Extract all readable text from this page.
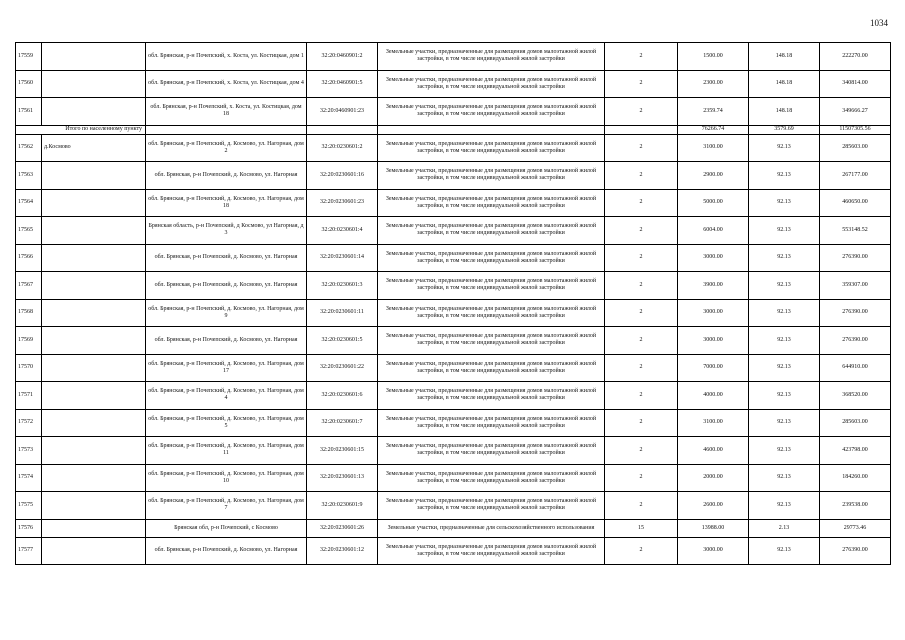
1034
17559		обл. Брянская, р-н Почепский, х. Коста, ул. Костицкая, дом 1	32:20:0460901:2	Земельные участки, предназначенные для размещения домов малоэтажной жилой застройки, в том числе индивидуальной жилой застройки	2	1500.00	148.18	222270.00
17560		обл. Брянская, р-н Почепский, х. Коста, ул. Костицкая, дом 4	32:20:0460901:5	Земельные участки, предназначенные для размещения домов малоэтажной жилой застройки, в том числе индивидуальной жилой застройки	2	2300.00	148.18	340814.00
17561		обл. Брянская, р-н Почепский, х. Коста, ул. Костицкая, дом 18	32:20:0460901:23	Земельные участки, предназначенные для размещения домов малоэтажной жилой застройки, в том числе индивидуальной жилой застройки	2	2359.74	148.18	349666.27
Итого по населенному пункту						76266.74	3579.69	11507305.56
17562	д.Космово	обл. Брянская, р-н Почепский, д. Космово, ул. Нагорная, дом 2	32:20:0230601:2	Земельные участки, предназначенные для размещения домов малоэтажной жилой застройки, в том числе индивидуальной жилой застройки	2	3100.00	92.13	285603.00
17563		обл. Брянская, р-н Почепский, д. Космово, ул. Нагорная	32:20:0230601:16	Земельные участки, предназначенные для размещения домов малоэтажной жилой застройки, в том числе индивидуальной жилой застройки	2	2900.00	92.13	267177.00
17564		обл. Брянская, р-н Почепский, д. Космово, ул. Нагорная, дом 18	32:20:0230601:23	Земельные участки, предназначенные для размещения домов малоэтажной жилой застройки, в том числе индивидуальной жилой застройки	2	5000.00	92.13	460650.00
17565		Брянская область, р-н Почепский, д Космово, ул Нагорная, д 3	32:20:0230601:4	Земельные участки, предназначенные для размещения домов малоэтажной жилой застройки, в том числе индивидуальной жилой застройки	2	6004.00	92.13	553148.52
17566		обл. Брянская, р-н Почепский, д. Космово, ул. Нагорная	32:20:0230601:14	Земельные участки, предназначенные для размещения домов малоэтажной жилой застройки, в том числе индивидуальной жилой застройки	2	3000.00	92.13	276390.00
17567		обл. Брянская, р-н Почепский, д. Космово, ул. Нагорная	32:20:0230601:3	Земельные участки, предназначенные для размещения домов малоэтажной жилой застройки, в том числе индивидуальной жилой застройки	2	3900.00	92.13	359307.00
17568		обл. Брянская, р-н Почепский, д. Космово, ул. Нагорная, дом 9	32:20:0230601:11	Земельные участки, предназначенные для размещения домов малоэтажной жилой застройки, в том числе индивидуальной жилой застройки	2	3000.00	92.13	276390.00
17569		обл. Брянская, р-н Почепский, д. Космово, ул. Нагорная	32:20:0230601:5	Земельные участки, предназначенные для размещения домов малоэтажной жилой застройки, в том числе индивидуальной жилой застройки	2	3000.00	92.13	276390.00
17570		обл. Брянская, р-н Почепский, д. Космово, ул. Нагорная, дом 17	32:20:0230601:22	Земельные участки, предназначенные для размещения домов малоэтажной жилой застройки, в том числе индивидуальной жилой застройки	2	7000.00	92.13	644910.00
17571		обл. Брянская, р-н Почепский, д. Космово, ул. Нагорная, дом 4	32:20:0230601:6	Земельные участки, предназначенные для размещения домов малоэтажной жилой застройки, в том числе индивидуальной жилой застройки	2	4000.00	92.13	368520.00
17572		обл. Брянская, р-н Почепский, д. Космово, ул. Нагорная, дом 5	32:20:0230601:7	Земельные участки, предназначенные для размещения домов малоэтажной жилой застройки, в том числе индивидуальной жилой застройки	2	3100.00	92.13	285603.00
17573		обл. Брянская, р-н Почепский, д. Космово, ул. Нагорная, дом 11	32:20:0230601:15	Земельные участки, предназначенные для размещения домов малоэтажной жилой застройки, в том числе индивидуальной жилой застройки	2	4600.00	92.13	423798.00
17574		обл. Брянская, р-н Почепский, д. Космово, ул. Нагорная, дом 10	32:20:0230601:13	Земельные участки, предназначенные для размещения домов малоэтажной жилой застройки, в том числе индивидуальной жилой застройки	2	2000.00	92.13	184260.00
17575		обл. Брянская, р-н Почепский, д. Космово, ул. Нагорная, дом 7	32:20:0230601:9	Земельные участки, предназначенные для размещения домов малоэтажной жилой застройки, в том числе индивидуальной жилой застройки	2	2600.00	92.13	239538.00
17576		Брянская обл, р-н Почепский, с Космово	32:20:0230601:26	Земельные участки, предназначенные для сельскохозяйственного использования	15	13988.00	2.13	29773.46
17577		обл. Брянская, р-н Почепский, д. Космово, ул. Нагорная	32:20:0230601:12	Земельные участки, предназначенные для размещения домов малоэтажной жилой застройки, в том числе индивидуальной жилой застройки	2	3000.00	92.13	276390.00
